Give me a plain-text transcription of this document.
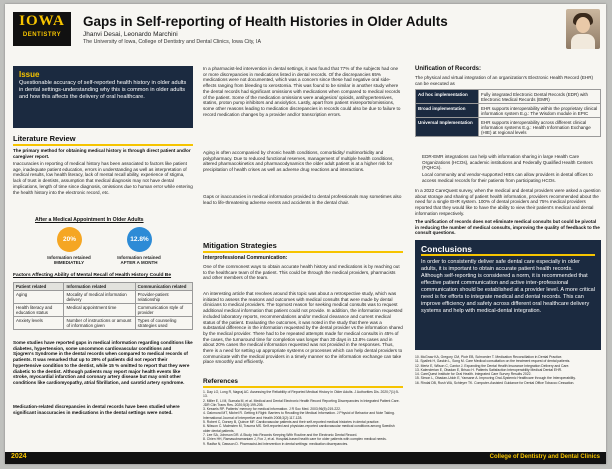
IOWA
DENTISTRY
Gaps in Self-reporting of Health Histories in Older Adults
Jhanvi Desai, Leonardo Marchini
The University of Iowa, College of Dentistry and Dental Clinics, Iowa City, IA
Issue
Questionable accuracy of self-reported health history in older adults in dental settings-understanding why this is common in older adults and how this affects the delivery of oral healthcare.
Literature Review
The primary method for obtaining medical history is through direct patient and/or caregiver report.
Inaccuracies in reporting of medical history has been associated to factors like patient age, inadequate patient education, errors in understanding as well as interpretation of medical results, low health literacy, lack of mental recall ability, experience of stigma, lack of trust in dentists, assumption that medical diagnosis may not have dental implications, length of time since diagnosis, omissions due to human error while entering the health history into the electronic record, etc.
After a Medical Appointment In Older Adults
20%	12.8%
Information retained IMMEDIATELY
Information retained AFTER A MONTH
Factors Affecting Ability of Mental Recall of Health History Could Be
Patient related	Information related	Communication related
Aging	Mocality of medical information delivery	Provider-patient relationship
Health literacy and education status	Medical appointment time	Communication style of provider
Anxiety levels	Number of instructions or amount of information given	Types of counseling strategies used
Some studies have reported gaps in medical information regarding conditions like diabetes, hypertension, some uncommon cardiovascular conditions and Sjogren's Syndrome in the dental records when compared to medical records of patients. It was remarked that up to 29% of patients did not report their hypertensive condition to the dentist, while 15 % omitted to report that they were diabetic to the dentist. Although patients may report major health events like stroke, myocardial infarction and coronary artery disease but may omit other conditions like cardiomyopathy, atrial fibrillation, and carotid artery syndrome.
Medication-related discrepancies in dental records have been studied where significant inaccuracies in medications in the dental settings were noted.
In a pharmacist-led intervention in dental settings, it was found that 77% of the subjects had one or more discrepancies in medications listed in dental records. Of the discrepancies 65% medications were not documented, which was a concern since these had negative oral side-effects ranging from bleeding to xerostomia. This was found to be similar in another study where the dental records had significant omissions with medications when compared to medical records of the patient. Some of the medication omissions were analgesics/ opioids, antihypertensives, statins, proton pump inhibitors and anxiolytics. Lastly, apart from patient misreports/omissions, some other reasons leading to medication discrepancies in records could also be due to failure to record medication changes by a provider and/or transcription errors.
Aging is often accompanied by chronic health conditions, comorbidity/ multimorbidity and polypharmacy. Due to reduced functional reserves, management of multiple health conditions, altered pharmacokinetics and pharmacodynamics the older adult patient is at a higher risk for precipitation of health crises as well as adverse drug reactions and interactions.
Gaps or inaccuracies in medical information provided to dental professionals may sometimes also lead to life-threatening adverse events and accidents in the dental chair.
Mitigation Strategies
Interprofessional Communication:
One of the commonest ways to obtain accurate health history and medications is by reaching out to the healthcare team of the patient. This could be through the medical providers, pharmacists and other members of the team.
An interesting article that revolves around this topic was about a retrospective study, which was initiated to assess the reasons and outcomes with medical consults that were made by dental clinicians to medical providers. The topmost reason for seeking medical consults was to request additional medical information that patient could not provide. In addition, the information requested included laboratory reports, recommendations and/or medical clearance and current medical status of the patient. Evaluating the outcomes, it was noted in the study that there was a substantial difference in the information requested by the dental provider vs the information shared by the medical provider. There had to be repeated attempts made for medical consults in 45% of the cases, the turnaround time for completion was longer than 30 days in 13.8% cases and in about 20% cases the medical information requested was not provided in the responses. Thus, there is a need for setting up appropriate systems or processes which can help dental providers to communicate with the medical providers in a timely manner so the information exchange can take place smoothly and efficiently.
References
1. Day LO, Long R, Nagraj AC. Assessing the Reliability of Reported Medical History in Older Adults. J Authorities Dis. 2020;7(1):5-13.
2. Miller E, Li M, Sumala M, et al. Medical and Dental Electronic Health Record Reporting Discrepancies in Integrated Patient Care. JDR Clin Trans Res. 2020;5(3):199-205.
3. Kessels RP. Patients' memory for medical information. J R Soc Med. 2003;96(5):219-222.
4. Oakmond MT, Michel R. Getting it Right: Barriers to Recalling the Medical Information. J Physiol of Behavior and Note Taking. International Journal of Interpretive and Health 2008;3(2):117-128.
5. Robert C, Dorsey B, Quince MF. Cardiovascular patients and their self-reported medical histories in dental practice.
6. Nilsson C. Malmsten M, Trauma MS. Self-reported and physician-reported cardiovascular medical conditions among Swedish older dental patients.
7. Lee SA, Johnson DR. A Study Into Records Keeping With Routine and the Electronic Dental Record.
8. Chien HH, Ramasubramaniam J, Fox J, et al. Hospital-based health care for older patients with complex medical needs.
9. Radfar N, Dawson D. Pharmacist-led intervention in dental settings: medication discrepancies.
Unification of Records:
The physical and virtual integration of an organization's Electronic Health Record (EHR) can be executed as
Ad hoc implementation	Fully integrated Electronic Dental Records (EDR) with Electronic Medical Records (EMR)
Broad implementation	EHR supports interoperability within the proprietary clinical information system E.g.: The Wisdom module in EPIC
Universal Implementation	EHR supports interoperability across different clinical information systems E.g.: Health Information Exchange (HIE) at regional levels
• EDR-EMR integrations can help with information sharing in large Health Care Organizations (HCOs), academic institutions and Federally Qualified Health Centers (FQHCs).
• Local community and vendor-supported HIEs can allow providers in dental offices to access medical records for their patients from participating HCOs.
In a 2022 CareQuest survey, when the medical and dental providers were asked a question about storage and sharing of patient health information, providers recommended about the need for a single EHR system. 100% of dental providers and 75% medical providers reported that they would like to have the ability to view their patient's medical and dental information respectively.
The unification of records does not eliminate medical consults but could be pivotal in reducing the number of medical consults, improving the quality of feedback to the consult questions.
Conclusions
In order to consistently deliver safe dental care especially in older adults, it is important to obtain accurate patient health records. Although self-reporting is considered a norm, it is recommended that effective patient communication and active inter-professional communication should be established at a provider level. A more critical need is for efforts to integrate medical and dental records. This can improve efficiency and safety across different oral healthcare delivery systems and help with medical-dental integration.
10. McGraw KA, Gregory CM, Piotr EB, Schroeder T. Medication Reconciliation in Dental Practice.
11. Spallek H, Gaskin L, Song M. Care Medical consultation on the treatment request of dental patients.
12. Mertz E, Wilson C, Cantor J. Expanding the Dental Health Insurance Integration Delivery and Care.
13. Kalenderian E, Obadan E, Brisco H. Patients Satisfaction Interoperability Medical Dental EHR.
14. CareQuest Institute for Oral Health. Integrated Care Survey Results 2022.
15. Simon L, Obadan-Udoh E, Yansane A. Improving Oral-Systemic Healthcare through the Interoperability.
16. Rindal DB, Rush WA, Schleyer TK. Computer-Assisted Guidance for Dental Office Tobacco Cessation.
2024	College of Dentistry and Dental Clinics
